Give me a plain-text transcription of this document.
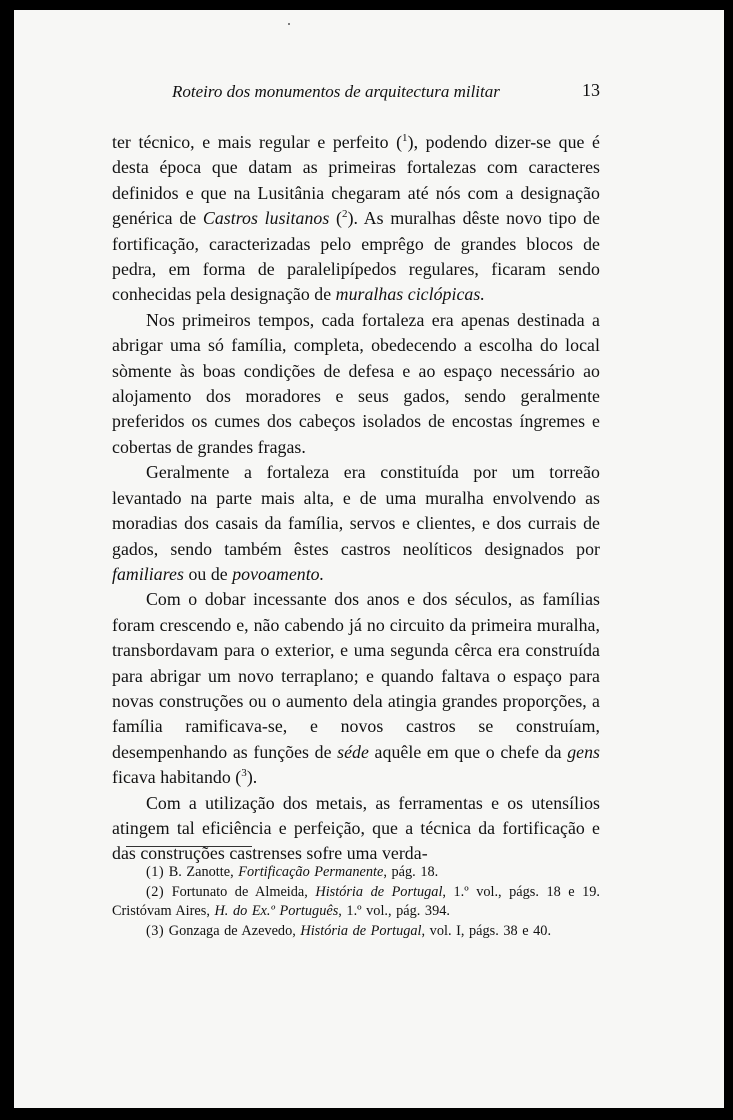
Roteiro dos monumentos de arquitectura militar	13

ter técnico, e mais regular e perfeito ($^1$), podendo dizer-se que é desta época que datam as primeiras fortalezas com caracteres definidos e que na Lusitânia chegaram até nós com a designação genérica de Castros lusitanos ($^2$). As muralhas dêste novo tipo de fortificação, caracterizadas pelo emprêgo de grandes blocos de pedra, em forma de paralelipípedos regulares, ficaram sendo conhecidas pela designação de muralhas ciclópicas.

Nos primeiros tempos, cada fortaleza era apenas destinada a abrigar uma só família, completa, obedecendo a escolha do local sòmente às boas condições de defesa e ao espaço necessário ao alojamento dos moradores e seus gados, sendo geralmente preferidos os cumes dos cabeços isolados de encostas íngremes e cobertas de grandes fragas.

Geralmente a fortaleza era constituída por um torreão levantado na parte mais alta, e de uma muralha envolvendo as moradias dos casais da família, servos e clientes, e dos currais de gados, sendo também êstes castros neolíticos designados por familiares ou de povoamento.

Com o dobar incessante dos anos e dos séculos, as famílias foram crescendo e, não cabendo já no circuito da primeira muralha, transbordavam para o exterior, e uma segunda cêrca era construída para abrigar um novo terraplano; e quando faltava o espaço para novas construções ou o aumento dela atingia grandes proporções, a família ramificava-se, e novos castros se construíam, desempenhando as funções de séde aquêle em que o chefe da gens ficava habitando ($^3$).

Com a utilização dos metais, as ferramentas e os utensílios atingem tal eficiência e perfeição, que a técnica da fortificação e das construções castrenses sofre uma verda-

(1) B. Zanotte, Fortificação Permanente, pág. 18.

(2) Fortunato de Almeida, História de Portugal, 1.º vol., págs. 18 e 19. Cristóvam Aires, H. do Ex.º Português, 1.º vol., pág. 394.

(3) Gonzaga de Azevedo, História de Portugal, vol. I, págs. 38 e 40.
